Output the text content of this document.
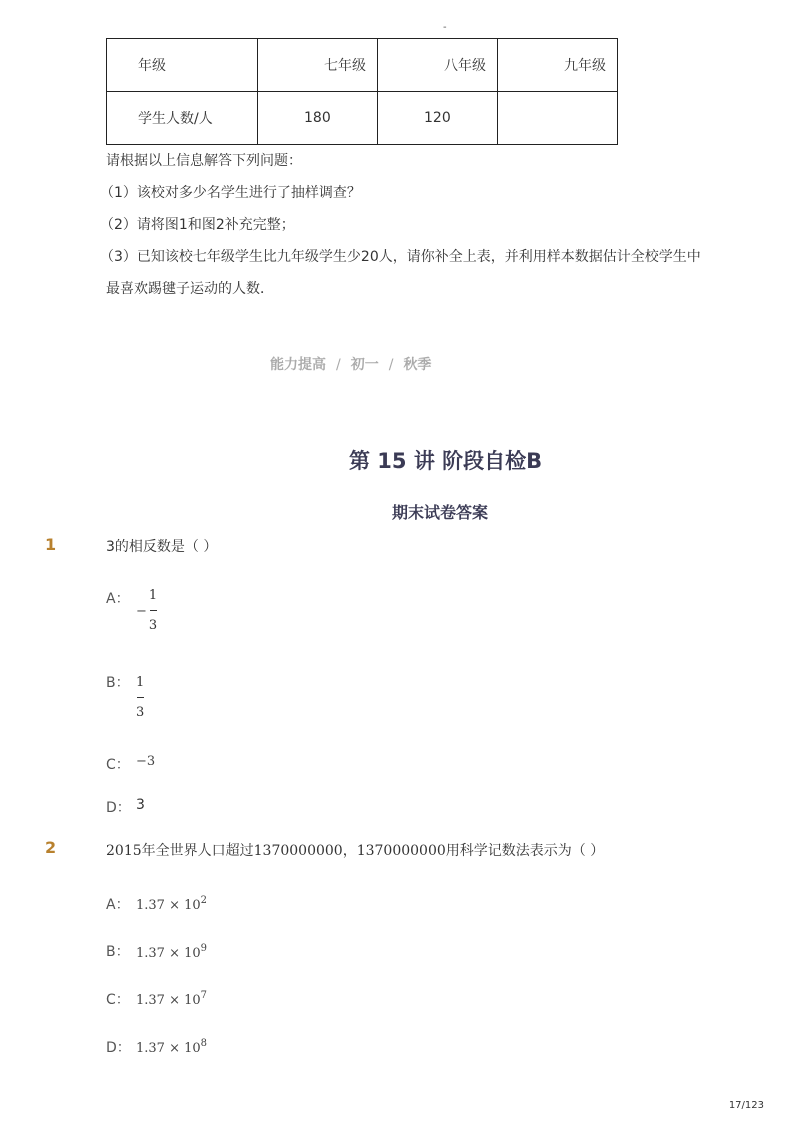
-
年级	七年级	八年级	九年级
学生人数/人	180	120	
请根据以上信息解答下列问题：
（1）该校对多少名学生进行了抽样调查？
（2）请将图1和图2补充完整；
（3）已知该校七年级学生比九年级学生少20人，请你补全上表，并利用样本数据估计全校学生中
最喜欢踢毽子运动的人数．
能力提高 / 初一 / 秋季
第 15 讲 阶段自检B
期末试卷答案
1	3的相反数是（ ）
A：
− $\frac{1}{3}$
B： $\frac{1}{3}$
C： −3
D： 3
2	2015年全世界人口超过1370000000，1370000000用科学记数法表示为（ ）
A： $1.37 \times 10^2$
B： $1.37 \times 10^9$
C： $1.37 \times 10^7$
D： $1.37 \times 10^8$
17/123
